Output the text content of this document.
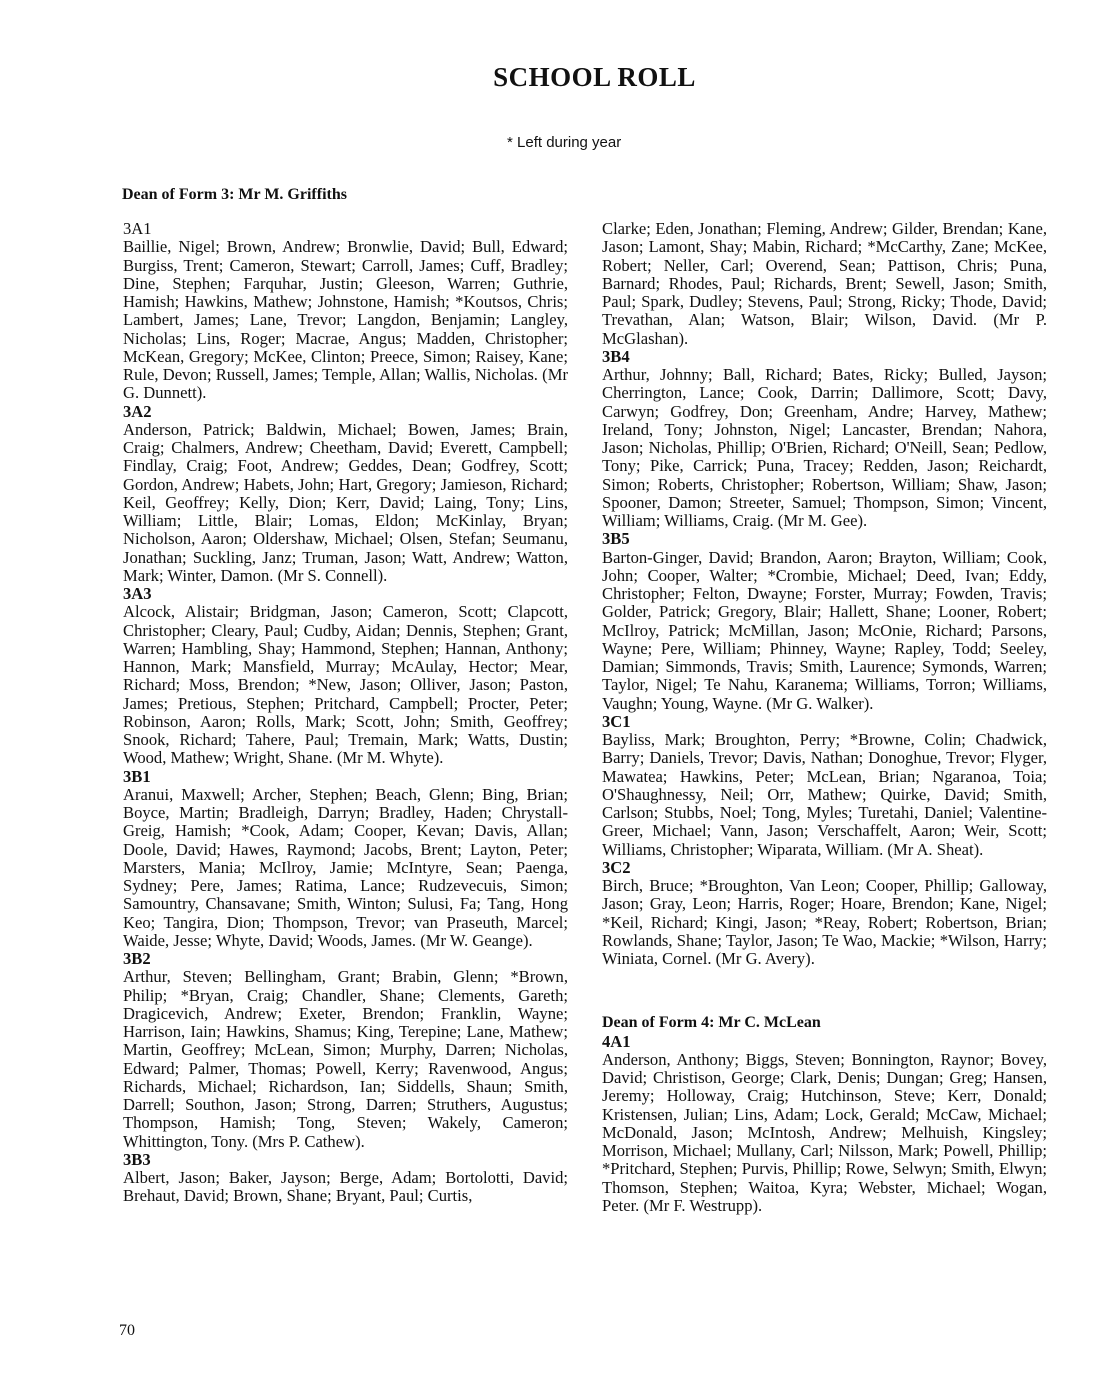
SCHOOL ROLL
* Left during year
Dean of Form 3: Mr M. Griffiths
3A1
Baillie, Nigel; Brown, Andrew; Bronwlie, David; Bull, Edward; Burgiss, Trent; Cameron, Stewart; Carroll, James; Cuff, Bradley; Dine, Stephen; Farquhar, Justin; Gleeson, Warren; Guthrie, Hamish; Hawkins, Mathew; Johnstone, Hamish; *Koutsos, Chris; Lambert, James; Lane, Trevor; Langdon, Benjamin; Langley, Nicholas; Lins, Roger; Macrae, Angus; Madden, Christopher; McKean, Gregory; McKee, Clinton; Preece, Simon; Raisey, Kane; Rule, Devon; Russell, James; Temple, Allan; Wallis, Nicholas. (Mr G. Dunnett).
3A2
Anderson, Patrick; Baldwin, Michael; Bowen, James; Brain, Craig; Chalmers, Andrew; Cheetham, David; Everett, Campbell; Findlay, Craig; Foot, Andrew; Geddes, Dean; Godfrey, Scott; Gordon, Andrew; Habets, John; Hart, Gregory; Jamieson, Richard; Keil, Geoffrey; Kelly, Dion; Kerr, David; Laing, Tony; Lins, William; Little, Blair; Lomas, Eldon; McKinlay, Bryan; Nicholson, Aaron; Oldershaw, Michael; Olsen, Stefan; Seumanu, Jonathan; Suckling, Janz; Truman, Jason; Watt, Andrew; Watton, Mark; Winter, Damon. (Mr S. Connell).
3A3
Alcock, Alistair; Bridgman, Jason; Cameron, Scott; Clapcott, Christopher; Cleary, Paul; Cudby, Aidan; Dennis, Stephen; Grant, Warren; Hambling, Shay; Hammond, Stephen; Hannan, Anthony; Hannon, Mark; Mansfield, Murray; McAulay, Hector; Mear, Richard; Moss, Brendon; *New, Jason; Olliver, Jason; Paston, James; Pretious, Stephen; Pritchard, Campbell; Procter, Peter; Robinson, Aaron; Rolls, Mark; Scott, John; Smith, Geoffrey; Snook, Richard; Tahere, Paul; Tremain, Mark; Watts, Dustin; Wood, Mathew; Wright, Shane. (Mr M. Whyte).
3B1
Aranui, Maxwell; Archer, Stephen; Beach, Glenn; Bing, Brian; Boyce, Martin; Bradleigh, Darryn; Bradley, Haden; Chrystall-Greig, Hamish; *Cook, Adam; Cooper, Kevan; Davis, Allan; Doole, David; Hawes, Raymond; Jacobs, Brent; Layton, Peter; Marsters, Mania; McIlroy, Jamie; McIntyre, Sean; Paenga, Sydney; Pere, James; Ratima, Lance; Rudzevecuis, Simon; Samountry, Chansavane; Smith, Winton; Sulusi, Fa; Tang, Hong Keo; Tangira, Dion; Thompson, Trevor; van Praseuth, Marcel; Waide, Jesse; Whyte, David; Woods, James. (Mr W. Geange).
3B2
Arthur, Steven; Bellingham, Grant; Brabin, Glenn; *Brown, Philip; *Bryan, Craig; Chandler, Shane; Clements, Gareth; Dragicevich, Andrew; Exeter, Brendon; Franklin, Wayne; Harrison, Iain; Hawkins, Shamus; King, Terepine; Lane, Mathew; Martin, Geoffrey; McLean, Simon; Murphy, Darren; Nicholas, Edward; Palmer, Thomas; Powell, Kerry; Ravenwood, Angus; Richards, Michael; Richardson, Ian; Siddells, Shaun; Smith, Darrell; Southon, Jason; Strong, Darren; Struthers, Augustus; Thompson, Hamish; Tong, Steven; Wakely, Cameron; Whittington, Tony. (Mrs P. Cathew).
3B3
Albert, Jason; Baker, Jayson; Berge, Adam; Bortolotti, David; Brehaut, David; Brown, Shane; Bryant, Paul; Curtis,
Clarke; Eden, Jonathan; Fleming, Andrew; Gilder, Brendan; Kane, Jason; Lamont, Shay; Mabin, Richard; *McCarthy, Zane; McKee, Robert; Neller, Carl; Overend, Sean; Pattison, Chris; Puna, Barnard; Rhodes, Paul; Richards, Brent; Sewell, Jason; Smith, Paul; Spark, Dudley; Stevens, Paul; Strong, Ricky; Thode, David; Trevathan, Alan; Watson, Blair; Wilson, David. (Mr P. McGlashan).
3B4
Arthur, Johnny; Ball, Richard; Bates, Ricky; Bulled, Jayson; Cherrington, Lance; Cook, Darrin; Dallimore, Scott; Davy, Carwyn; Godfrey, Don; Greenham, Andre; Harvey, Mathew; Ireland, Tony; Johnston, Nigel; Lancaster, Brendan; Nahora, Jason; Nicholas, Phillip; O'Brien, Richard; O'Neill, Sean; Pedlow, Tony; Pike, Carrick; Puna, Tracey; Redden, Jason; Reichardt, Simon; Roberts, Christopher; Robertson, William; Shaw, Jason; Spooner, Damon; Streeter, Samuel; Thompson, Simon; Vincent, William; Williams, Craig. (Mr M. Gee).
3B5
Barton-Ginger, David; Brandon, Aaron; Brayton, William; Cook, John; Cooper, Walter; *Crombie, Michael; Deed, Ivan; Eddy, Christopher; Felton, Dwayne; Forster, Murray; Fowden, Travis; Golder, Patrick; Gregory, Blair; Hallett, Shane; Looner, Robert; McIlroy, Patrick; McMillan, Jason; McOnie, Richard; Parsons, Wayne; Pere, William; Phinney, Wayne; Rapley, Todd; Seeley, Damian; Simmonds, Travis; Smith, Laurence; Symonds, Warren; Taylor, Nigel; Te Nahu, Karanema; Williams, Torron; Williams, Vaughn; Young, Wayne. (Mr G. Walker).
3C1
Bayliss, Mark; Broughton, Perry; *Browne, Colin; Chadwick, Barry; Daniels, Trevor; Davis, Nathan; Donoghue, Trevor; Flyger, Mawatea; Hawkins, Peter; McLean, Brian; Ngaranoa, Toia; O'Shaughnessy, Neil; Orr, Mathew; Quirke, David; Smith, Carlson; Stubbs, Noel; Tong, Myles; Turetahi, Daniel; Valentine-Greer, Michael; Vann, Jason; Verschaffelt, Aaron; Weir, Scott; Williams, Christopher; Wiparata, William. (Mr A. Sheat).
3C2
Birch, Bruce; *Broughton, Van Leon; Cooper, Phillip; Galloway, Jason; Gray, Leon; Harris, Roger; Hoare, Brendon; Kane, Nigel; *Keil, Richard; Kingi, Jason; *Reay, Robert; Robertson, Brian; Rowlands, Shane; Taylor, Jason; Te Wao, Mackie; *Wilson, Harry; Winiata, Cornel. (Mr G. Avery).
Dean of Form 4: Mr C. McLean
4A1
Anderson, Anthony; Biggs, Steven; Bonnington, Raynor; Bovey, David; Christison, George; Clark, Denis; Dungan; Greg; Hansen, Jeremy; Holloway, Craig; Hutchinson, Steve; Kerr, Donald; Kristensen, Julian; Lins, Adam; Lock, Gerald; McCaw, Michael; McDonald, Jason; McIntosh, Andrew; Melhuish, Kingsley; Morrison, Michael; Mullany, Carl; Nilsson, Mark; Powell, Phillip; *Pritchard, Stephen; Purvis, Phillip; Rowe, Selwyn; Smith, Elwyn; Thomson, Stephen; Waitoa, Kyra; Webster, Michael; Wogan, Peter. (Mr F. Westrupp).
70
